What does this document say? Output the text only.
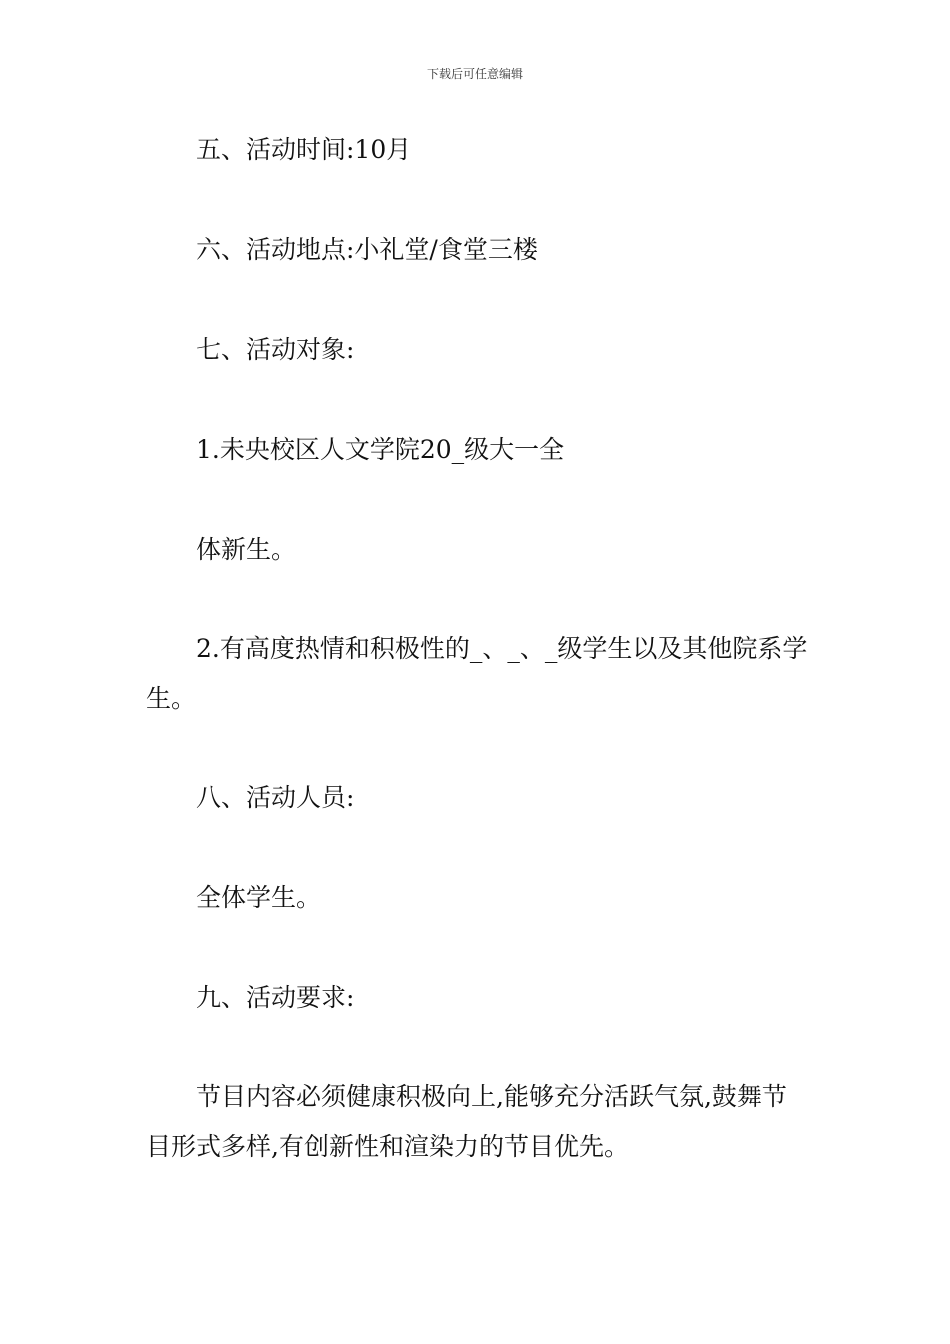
下载后可任意编辑
五、活动时间:10月
六、活动地点:小礼堂/食堂三楼
七、活动对象:
1.未央校区人文学院20_级大一全
体新生。
2.有高度热情和积极性的_、_、_级学生以及其他院系学生。
八、活动人员:
全体学生。
九、活动要求:
节目内容必须健康积极向上,能够充分活跃气氛,鼓舞节目形式多样,有创新性和渲染力的节目优先。
